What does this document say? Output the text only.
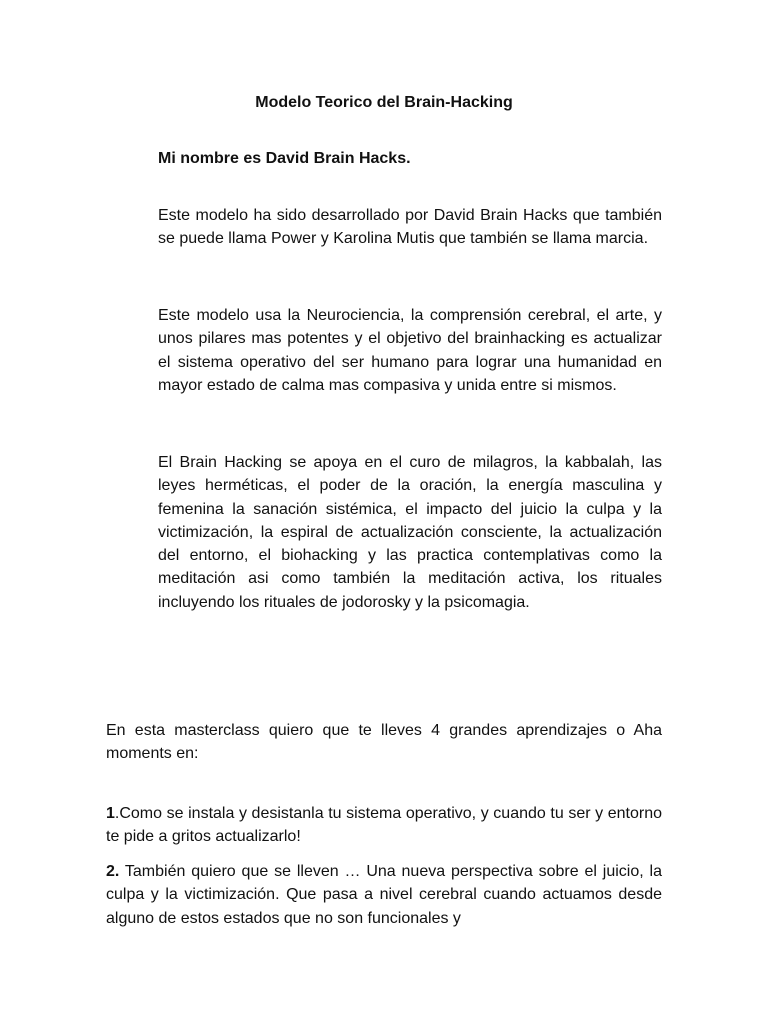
Modelo Teorico del Brain-Hacking
Mi nombre es David Brain Hacks.

Este modelo ha sido desarrollado por David Brain Hacks que también se puede llama Power y Karolina Mutis que también se llama marcia.

Este modelo usa la Neurociencia, la comprensión cerebral, el arte, y unos pilares mas potentes y el objetivo del brainhacking es actualizar el sistema operativo del ser humano para lograr una humanidad en mayor estado de calma mas compasiva y unida entre si mismos.

El Brain Hacking se apoya en el curo de milagros, la kabbalah, las leyes herméticas, el poder de la oración, la energía masculina y femenina la sanación sistémica, el impacto del juicio la culpa y la victimización, la espiral de actualización consciente, la actualización del entorno, el biohacking y las practica contemplativas como la meditación asi como también la meditación activa, los rituales incluyendo los rituales de jodorosky y la psicomagia.

En esta masterclass quiero que te lleves 4 grandes aprendizajes o Aha moments en:

1.Como se instala y desistanla tu sistema operativo, y cuando tu ser y entorno te pide a gritos actualizarlo!

2. También quiero que se lleven … Una nueva perspectiva sobre el juicio, la culpa y la victimización. Que pasa a nivel cerebral cuando actuamos desde alguno de estos estados que no son funcionales y
